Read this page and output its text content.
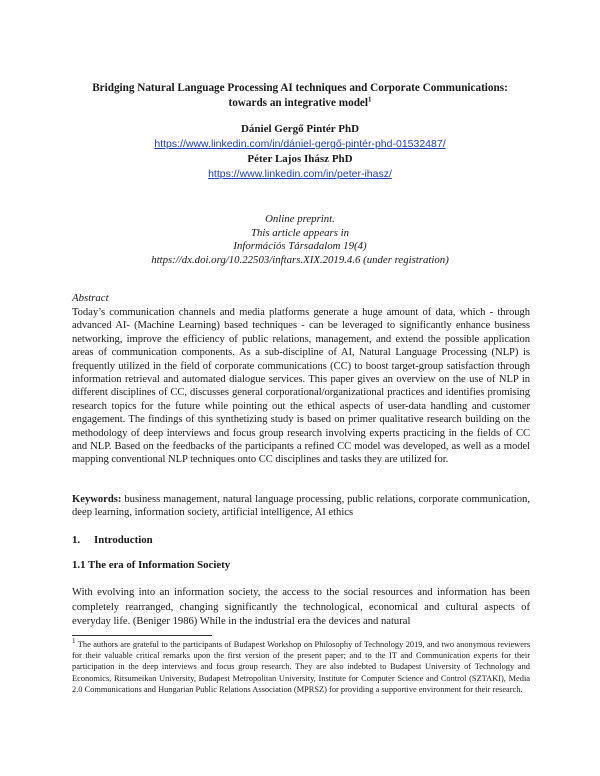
Bridging Natural Language Processing AI techniques and Corporate Communications:
towards an integrative model$^1$
Dániel Gergő Pintér PhD
https://www.linkedin.com/in/dániel-gergő-pintér-phd-01532487/
Péter Lajos Ihász PhD
https://www.linkedin.com/in/peter-ihasz/
Online preprint.
This article appears in
Információs Társadalom 19(4)
https://dx.doi.org/10.22503/inftars.XIX.2019.4.6 (under registration)
Abstract
Today’s communication channels and media platforms generate a huge amount of data, which - through advanced AI- (Machine Learning) based techniques - can be leveraged to significantly enhance business networking, improve the efficiency of public relations, management, and extend the possible application areas of communication components. As a sub-discipline of AI, Natural Language Processing (NLP) is frequently utilized in the field of corporate communications (CC) to boost target-group satisfaction through information retrieval and automated dialogue services. This paper gives an overview on the use of NLP in different disciplines of CC, discusses general corporational/organizational practices and identifies promising research topics for the future while pointing out the ethical aspects of user-data handling and customer engagement. The findings of this synthetizing study is based on primer qualitative research building on the methodology of deep interviews and focus group research involving experts practicing in the fields of CC and NLP. Based on the feedbacks of the participants a refined CC model was developed, as well as a model mapping conventional NLP techniques onto CC disciplines and tasks they are utilized for.
Keywords: business management, natural language processing, public relations, corporate communication, deep learning, information society, artificial intelligence, AI ethics
1. Introduction
1.1 The era of Information Society
With evolving into an information society, the access to the social resources and information has been completely rearranged, changing significantly the technological, economical and cultural aspects of everyday life. (Beniger 1986) While in the industrial era the devices and natural
$^1$ The authors are grateful to the participants of Budapest Workshop on Philosophy of Technology 2019, and two anonymous reviewers for their valuable critical remarks upon the first version of the present paper; and to the IT and Communication experts for their participation in the deep interviews and focus group research. They are also indebted to Budapest University of Technology and Economics, Ritsumeikan University, Budapest Metropolitan University, Institute for Computer Science and Control (SZTAKI), Media 2.0 Communications and Hungarian Public Relations Association (MPRSZ) for providing a supportive environment for their research.
